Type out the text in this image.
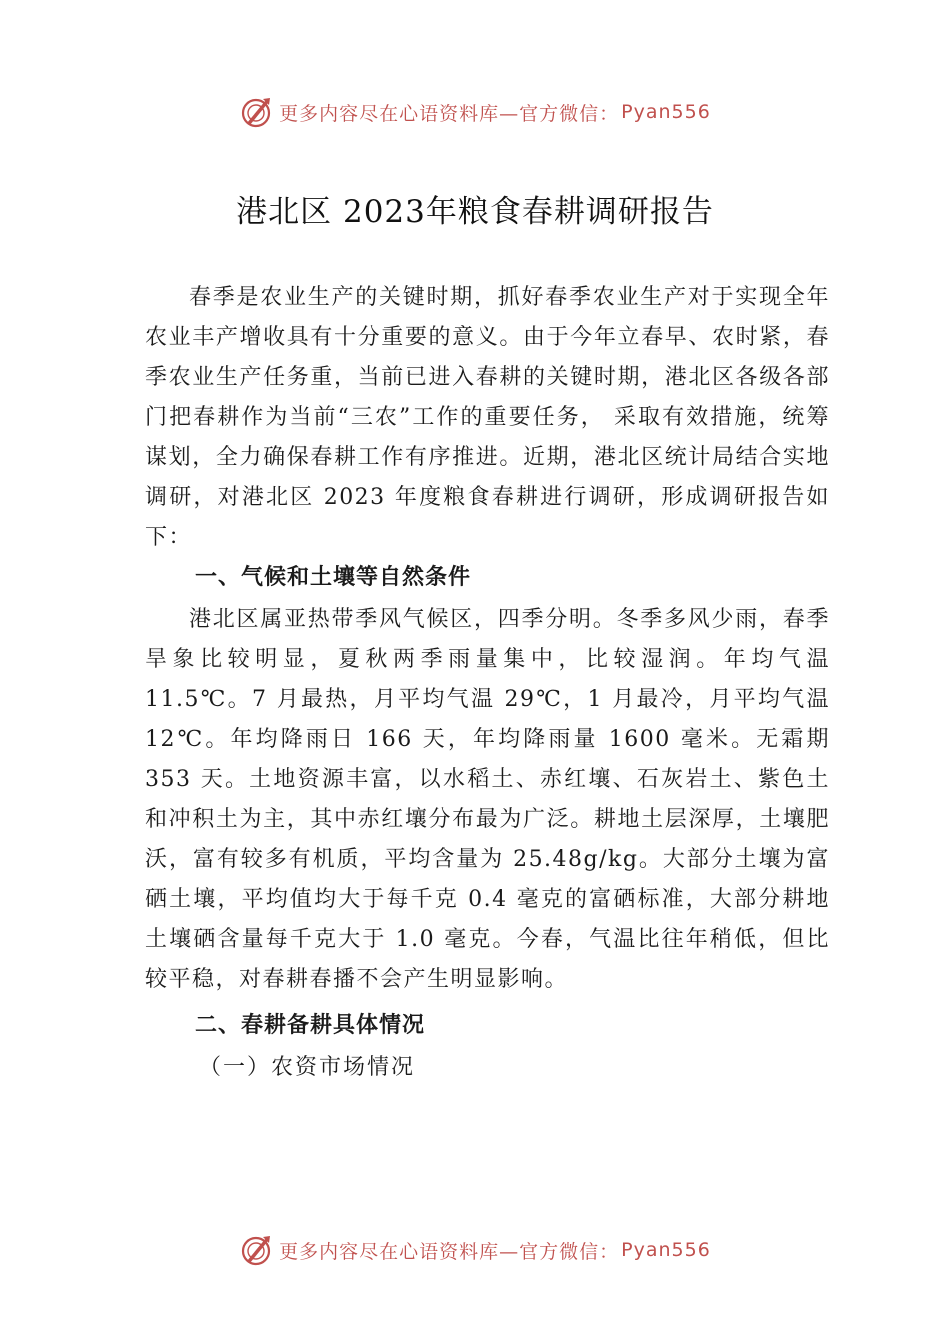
更多内容尽在心语资料库—官方微信： Pyan556
港北区 2023年粮食春耕调研报告

春季是农业生产的关键时期，抓好春季农业生产对于实现全年农业丰产增收具有十分重要的意义。由于今年立春早、农时紧，春季农业生产任务重，当前已进入春耕的关键时期，港北区各级各部门把春耕作为当前“三农”工作的重要任务， 采取有效措施，统筹谋划，全力确保春耕工作有序推进。近期，港北区统计局结合实地调研，对港北区 2023 年度粮食春耕进行调研，形成调研报告如下：

一、气候和土壤等自然条件

港北区属亚热带季风气候区，四季分明。冬季多风少雨，春季旱象比较明显，夏秋两季雨量集中，比较湿润。年均气温 11.5℃。7 月最热，月平均气温 29℃，1 月最冷，月平均气温 12℃。年均降雨日 166 天，年均降雨量 1600 毫米。无霜期 353 天。土地资源丰富，以水稻土、赤红壤、石灰岩土、紫色土和冲积土为主，其中赤红壤分布最为广泛。耕地土层深厚，土壤肥沃，富有较多有机质，平均含量为 25.48g/kg。大部分土壤为富硒土壤，平均值均大于每千克 0.4 毫克的富硒标准，大部分耕地土壤硒含量每千克大于 1.0 毫克。今春，气温比往年稍低，但比较平稳，对春耕春播不会产生明显影响。

二、春耕备耕具体情况
（一）农资市场情况
更多内容尽在心语资料库—官方微信： Pyan556
